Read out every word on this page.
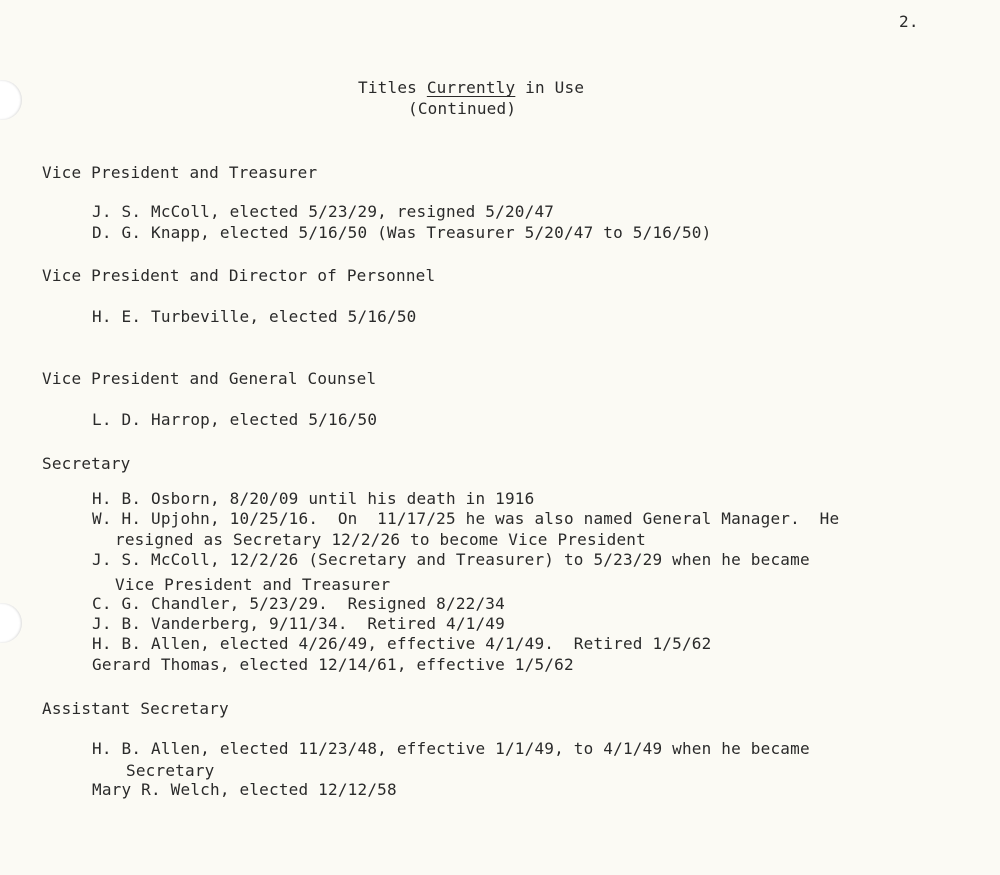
2.
Titles Currently in Use
(Continued)
Vice President and Treasurer
J. S. McColl, elected 5/23/29, resigned 5/20/47
D. G. Knapp, elected 5/16/50 (Was Treasurer 5/20/47 to 5/16/50)
Vice President and Director of Personnel
H. E. Turbeville, elected 5/16/50
Vice President and General Counsel
L. D. Harrop, elected 5/16/50
Secretary
H. B. Osborn, 8/20/09 until his death in 1916
W. H. Upjohn, 10/25/16.  On  11/17/25 he was also named General Manager.  He
resigned as Secretary 12/2/26 to become Vice President
J. S. McColl, 12/2/26 (Secretary and Treasurer) to 5/23/29 when he became
Vice President and Treasurer
C. G. Chandler, 5/23/29.  Resigned 8/22/34
J. B. Vanderberg, 9/11/34.  Retired 4/1/49
H. B. Allen, elected 4/26/49, effective 4/1/49.  Retired 1/5/62
Gerard Thomas, elected 12/14/61, effective 1/5/62
Assistant Secretary
H. B. Allen, elected 11/23/48, effective 1/1/49, to 4/1/49 when he became
Secretary
Mary R. Welch, elected 12/12/58
